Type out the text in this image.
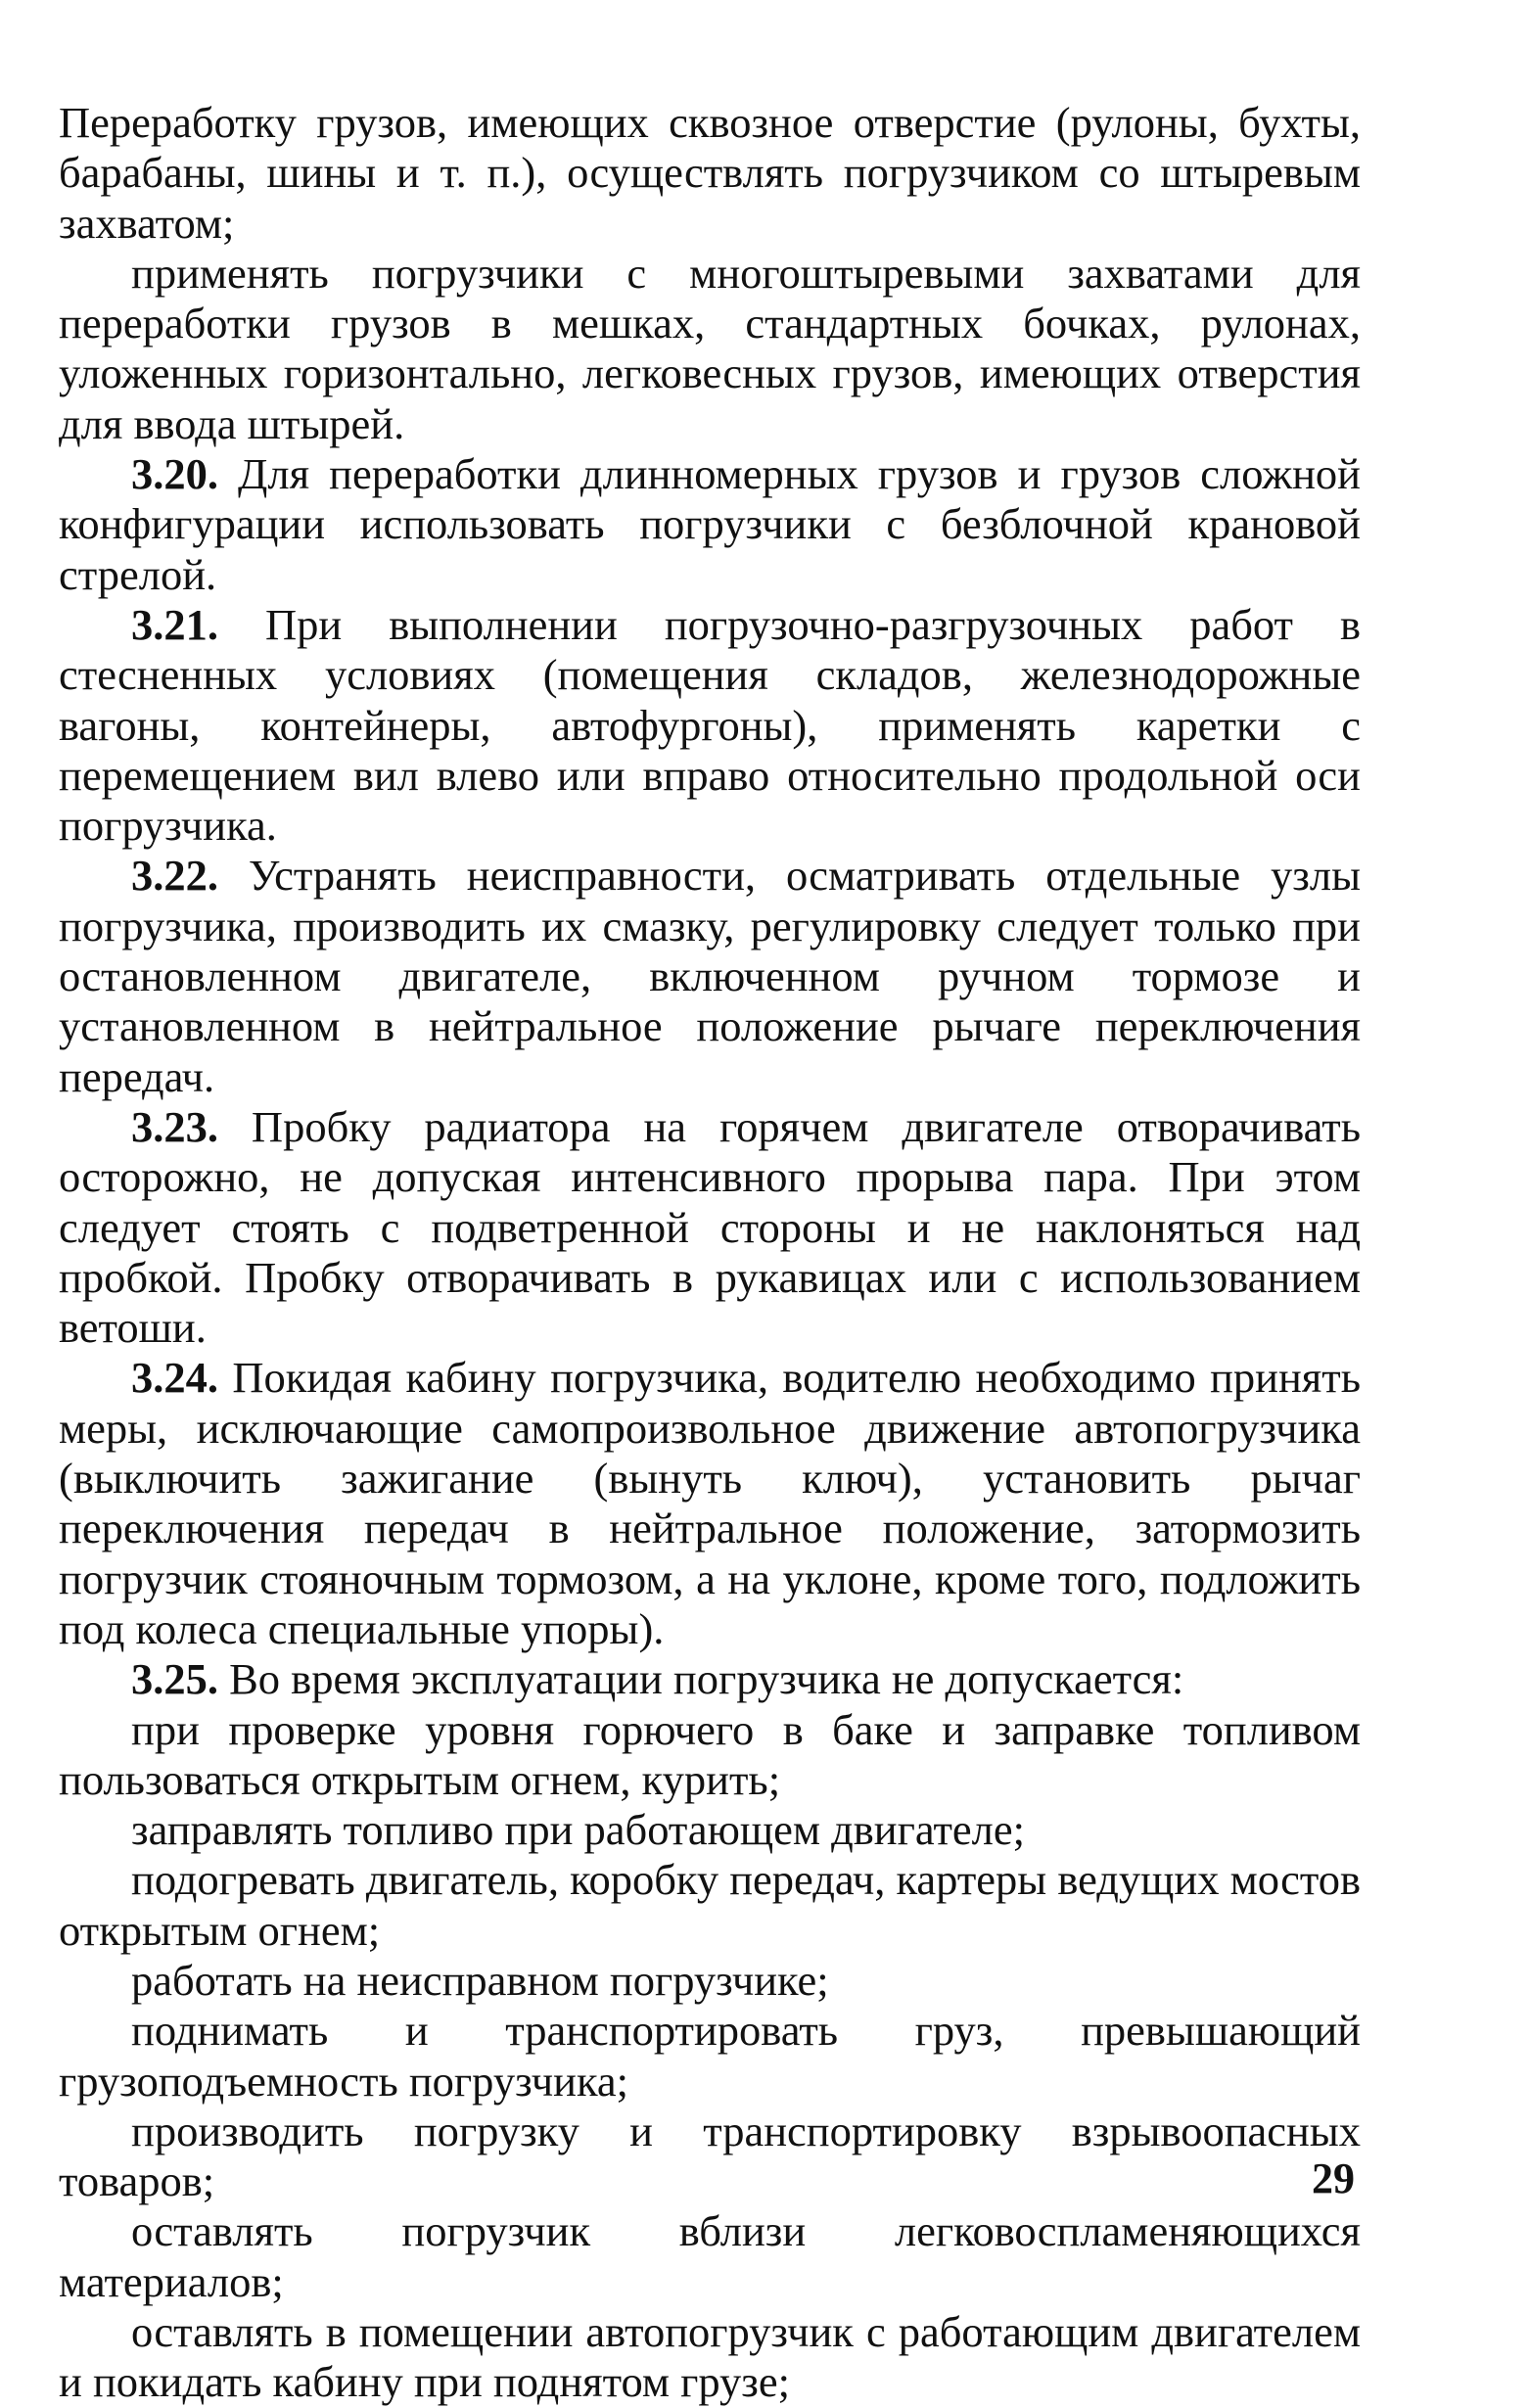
Переработку грузов, имеющих сквозное отверстие (рулоны, бухты, барабаны, шины и т. п.), осуществлять погрузчиком со штыревым захватом;

применять погрузчики с многоштыревыми захватами для переработки грузов в мешках, стандартных бочках, рулонах, уложенных горизонтально, легковесных грузов, имеющих отверстия для ввода штырей.

3.20. Для переработки длинномерных грузов и грузов сложной конфигурации использовать погрузчики с безблочной крановой стрелой.

3.21. При выполнении погрузочно-разгрузочных работ в стесненных условиях (помещения складов, железнодорожные вагоны, контейнеры, автофургоны), применять каретки с перемещением вил влево или вправо относительно продольной оси погрузчика.

3.22. Устранять неисправности, осматривать отдельные узлы погрузчика, производить их смазку, регулировку следует только при остановленном двигателе, включенном ручном тормозе и установленном в нейтральное положение рычаге переключения передач.

3.23. Пробку радиатора на горячем двигателе отворачивать осторожно, не допуская интенсивного прорыва пара. При этом следует стоять с подветренной стороны и не наклоняться над пробкой. Пробку отворачивать в рукавицах или с использованием ветоши.

3.24. Покидая кабину погрузчика, водителю необходимо принять меры, исключающие самопроизвольное движение автопогрузчика (выключить зажигание (вынуть ключ), установить рычаг переключения передач в нейтральное положение, затормозить погрузчик стояночным тормозом, а на уклоне, кроме того, подложить под колеса специальные упоры).

3.25. Во время эксплуатации погрузчика не допускается:

при проверке уровня горючего в баке и заправке топливом пользоваться открытым огнем, курить;

заправлять топливо при работающем двигателе;

подогревать двигатель, коробку передач, картеры ведущих мостов открытым огнем;

работать на неисправном погрузчике;

поднимать и транспортировать груз, превышающий грузоподъемность погрузчика;

производить погрузку и транспортировку взрывоопасных товаров;

оставлять погрузчик вблизи легковоспламеняющихся материалов;

оставлять в помещении автопогрузчик с работающим двигателем и покидать кабину при поднятом грузе;

29
